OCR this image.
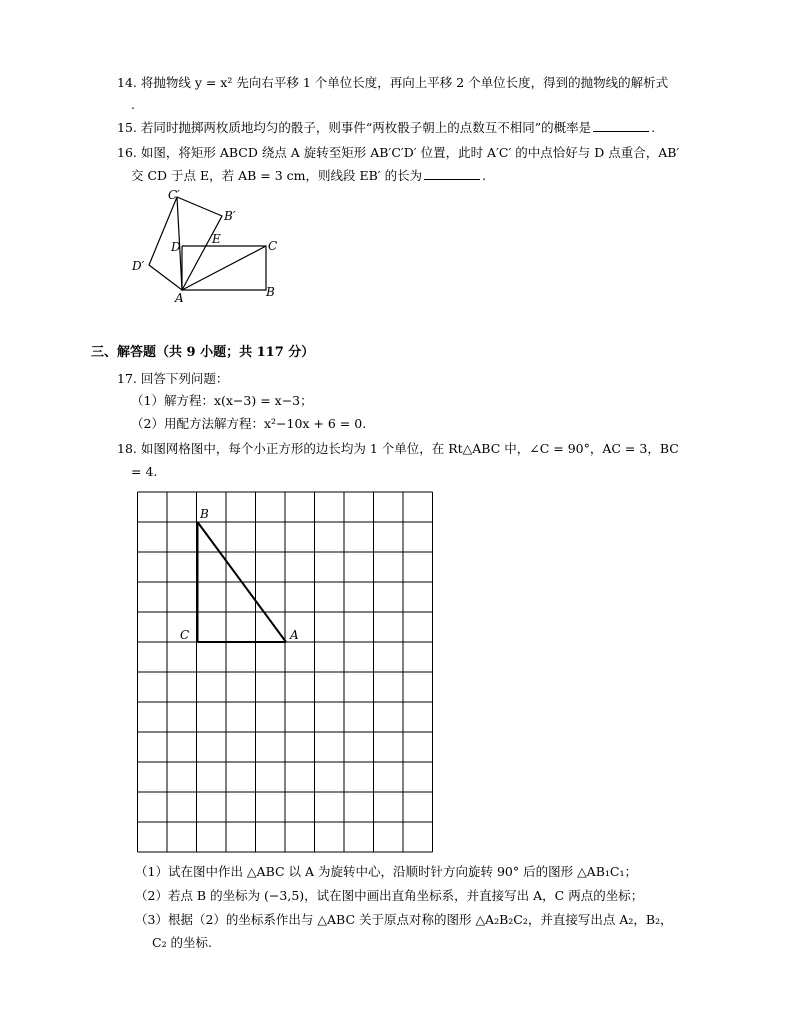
14. 将抛物线 y = x² 先向右平移 1 个单位长度，再向上平移 2 个单位长度，得到的抛物线的解析式
.
15. 若同时抛掷两枚质地均匀的骰子，则事件“两枚骰子朝上的点数互不相同”的概率是	.
16. 如图，将矩形 ABCD 绕点 A 旋转至矩形 AB′C′D′ 位置，此时 A′C′ 的中点恰好与 D 点重合，AB′
交 CD 于点 E，若 AB = 3 cm，则线段 EB′ 的长为	.
C′
B′
D
E	C
D′
A	B
三、解答题（共 9 小题；共 117 分）
17. 回答下列问题：
（1）解方程：x(x−3) = x−3；
（2）用配方法解方程：x²−10x + 6 = 0.
18. 如图网格图中，每个小正方形的边长均为 1 个单位，在 Rt△ABC 中，∠C = 90°，AC = 3，BC
= 4.
B
C	A
（1）试在图中作出 △ABC 以 A 为旋转中心，沿顺时针方向旋转 90° 后的图形 △AB₁C₁；
（2）若点 B 的坐标为 (−3,5)，试在图中画出直角坐标系，并直接写出 A，C 两点的坐标；
（3）根据（2）的坐标系作出与 △ABC 关于原点对称的图形 △A₂B₂C₂，并直接写出点 A₂，B₂，
C₂ 的坐标.
